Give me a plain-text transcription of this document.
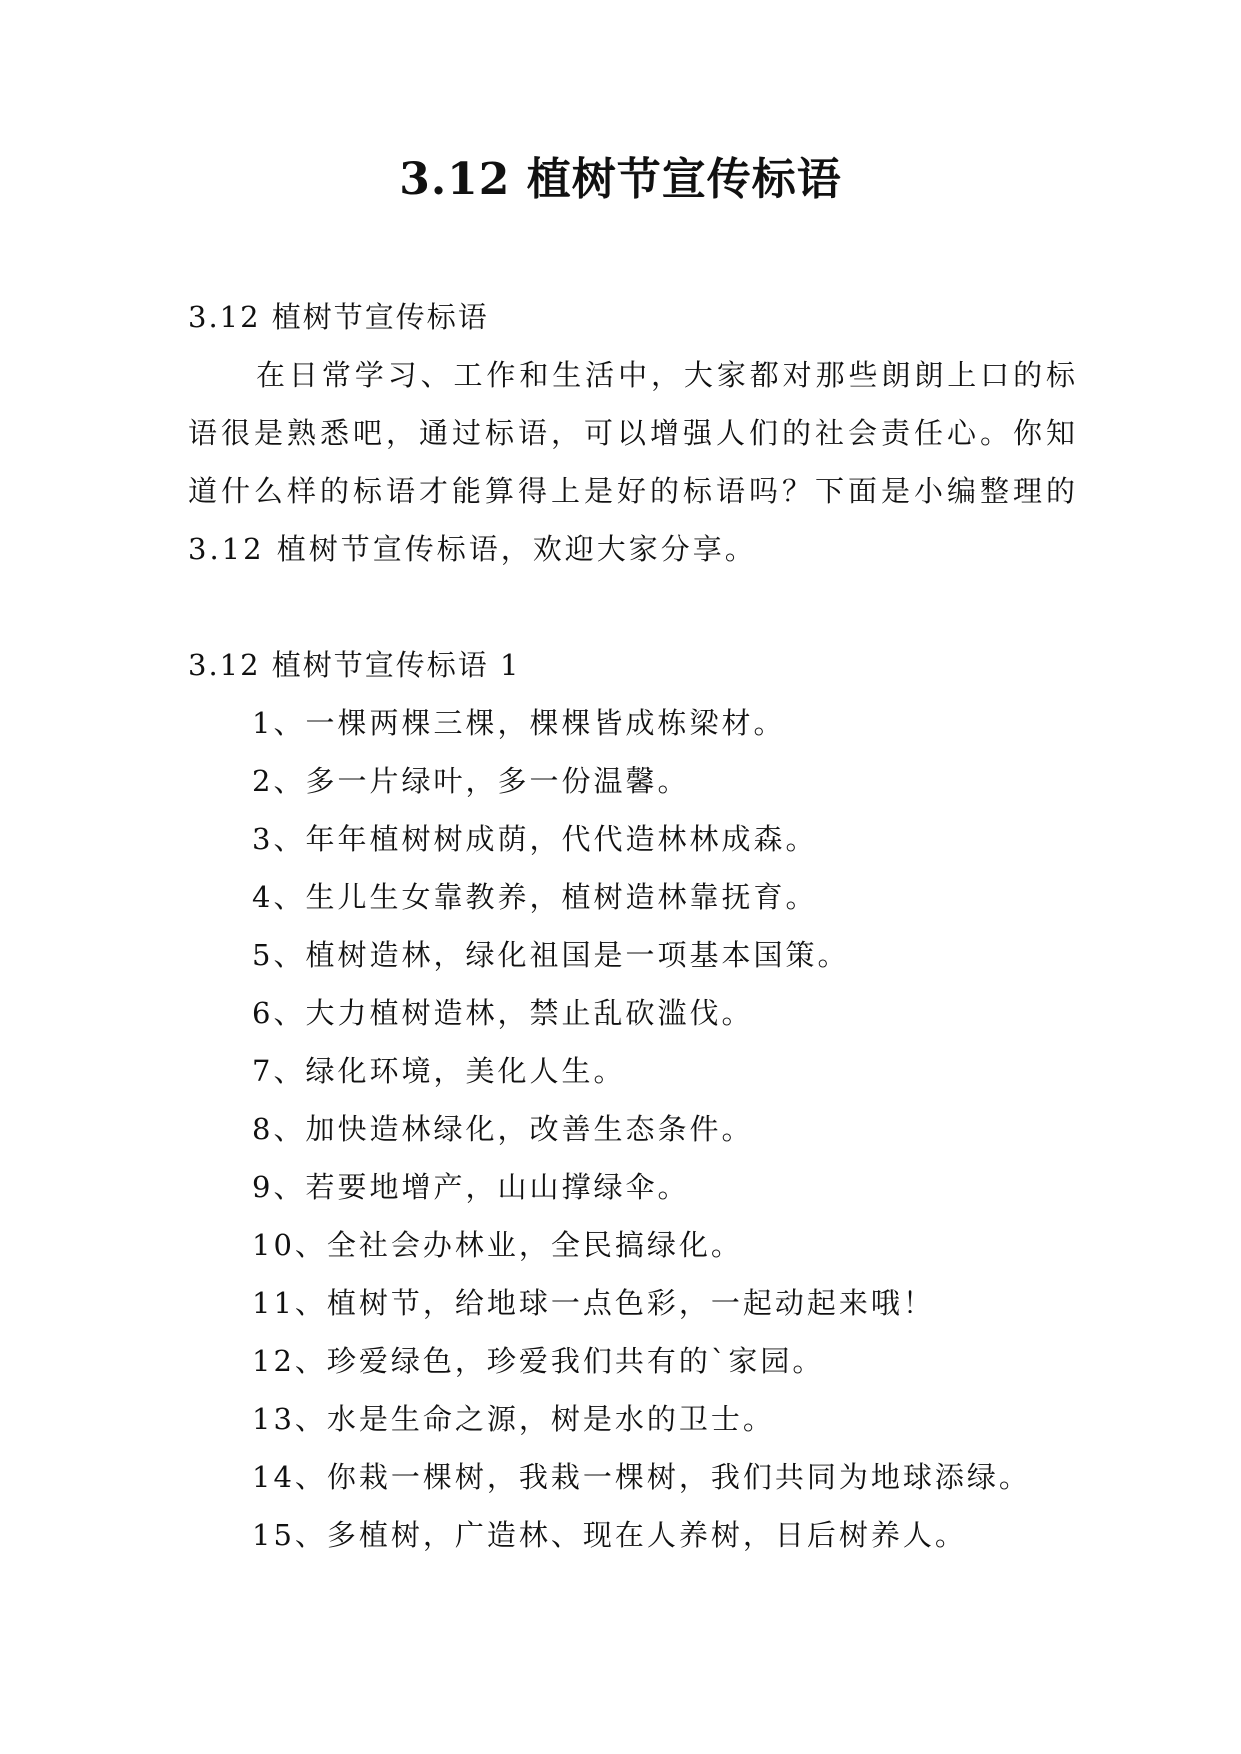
3.12 植树节宣传标语

3.12 植树节宣传标语

在日常学习、工作和生活中，大家都对那些朗朗上口的标语很是熟悉吧，通过标语，可以增强人们的社会责任心。你知道什么样的标语才能算得上是好的标语吗？下面是小编整理的3.12 植树节宣传标语，欢迎大家分享。

3.12 植树节宣传标语 1

1、一棵两棵三棵，棵棵皆成栋梁材。
2、多一片绿叶，多一份温馨。
3、年年植树树成荫，代代造林林成森。
4、生儿生女靠教养，植树造林靠抚育。
5、植树造林，绿化祖国是一项基本国策。
6、大力植树造林，禁止乱砍滥伐。
7、绿化环境，美化人生。
8、加快造林绿化，改善生态条件。
9、若要地增产，山山撑绿伞。
10、全社会办林业，全民搞绿化。
11、植树节，给地球一点色彩，一起动起来哦！
12、珍爱绿色，珍爱我们共有的`家园。
13、水是生命之源，树是水的卫士。
14、你栽一棵树，我栽一棵树，我们共同为地球添绿。
15、多植树，广造林、现在人养树，日后树养人。
